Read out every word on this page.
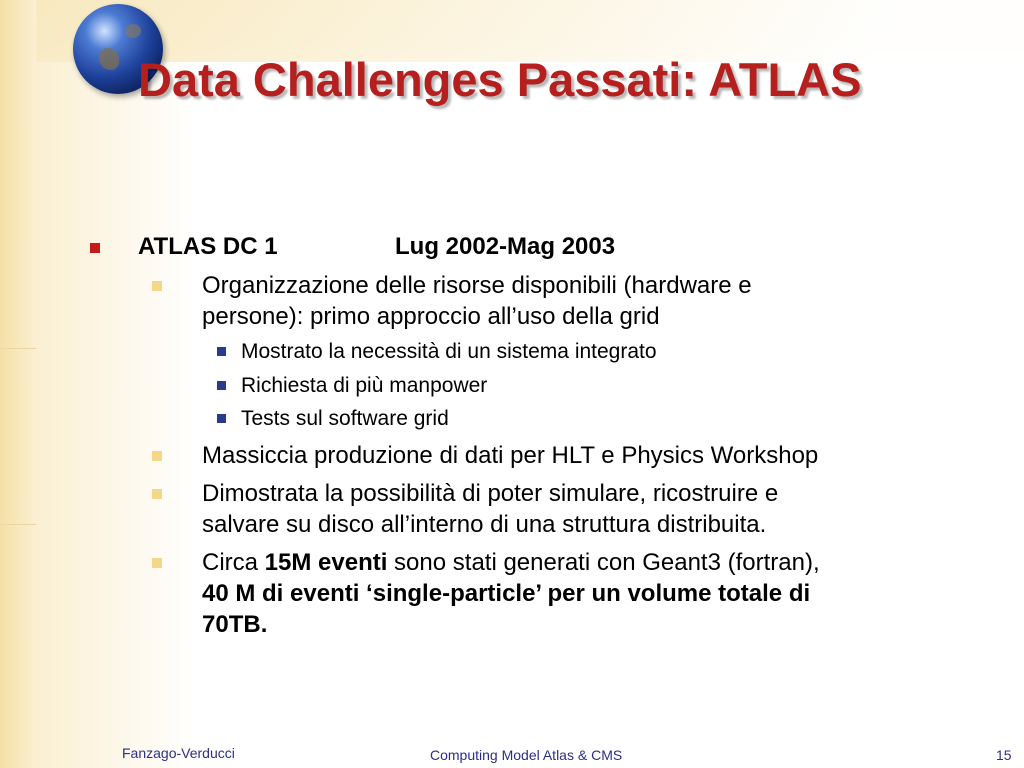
Data Challenges Passati: ATLAS
ATLAS DC 1	Lug 2002-Mag 2003
Organizzazione delle risorse disponibili (hardware e
persone): primo approccio all’uso della grid
Mostrato la necessità di un sistema integrato
Richiesta di più manpower
Tests sul software grid
Massiccia produzione di dati per HLT e Physics Workshop
Dimostrata la possibilità di poter simulare, ricostruire e
salvare su disco all’interno di una struttura distribuita.
Circa 15M eventi sono stati generati con Geant3 (fortran),
40 M di eventi ‘single-particle’ per un volume totale di
70TB.
Fanzago-Verducci	Computing Model Atlas & CMS	15
